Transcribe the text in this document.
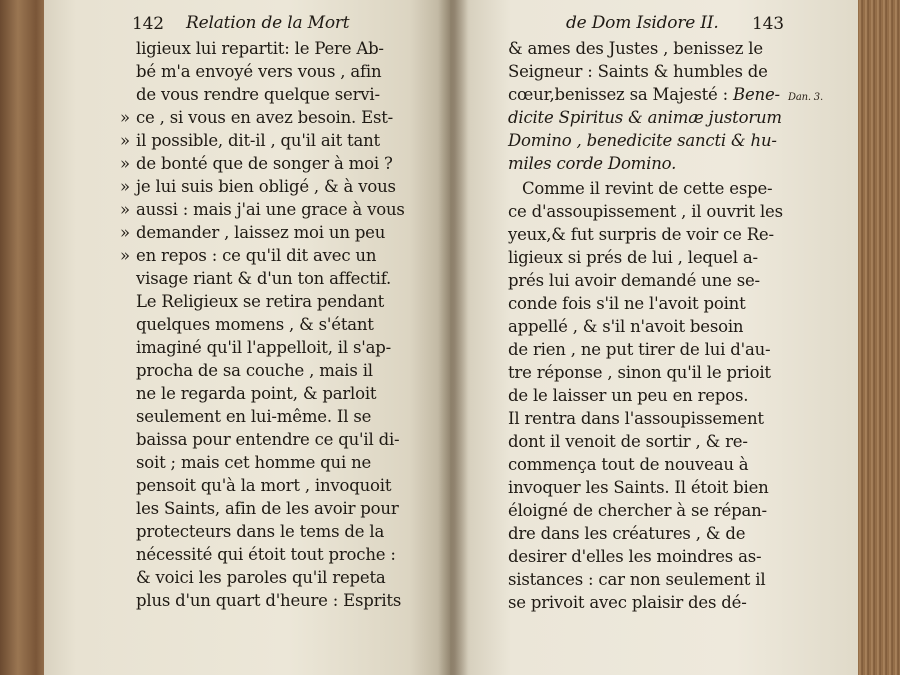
142 Relation de la Mort
ligieux lui repartit: le Pere Ab-
bé m'a envoyé vers vous , afin
de vous rendre quelque servi-
» ce , si vous en avez besoin. Est-
» il possible, dit-il , qu'il ait tant
» de bonté que de songer à moi ?
» je lui suis bien obligé , & à vous
» aussi : mais j'ai une grace à vous
» demander , laissez moi un peu
» en repos : ce qu'il dit avec un
visage riant & d'un ton affectif.
Le Religieux se retira pendant
quelques momens , & s'étant
imaginé qu'il l'appelloit, il s'ap-
procha de sa couche , mais il
ne le regarda point, & parloit
seulement en lui-même. Il se
baissa pour entendre ce qu'il di-
soit ; mais cet homme qui ne
pensoit qu'à la mort , invoquoit
les Saints, afin de les avoir pour
protecteurs dans le tems de la
nécessité qui étoit tout proche :
& voici les paroles qu'il repeta
plus d'un quart d'heure : Esprits
de Dom Isidore II. 143
& ames des Justes , benissez le
Seigneur : Saints & humbles de
cœur,benissez sa Majesté : Bene- Dan. 3.
dicite Spiritus & animæ justorum
Domino , benedicite sancti & hu-
miles corde Domino.
Comme il revint de cette espe-
ce d'assoupissement , il ouvrit les
yeux,& fut surpris de voir ce Re-
ligieux si prés de lui , lequel a-
prés lui avoir demandé une se-
conde fois s'il ne l'avoit point
appellé , & s'il n'avoit besoin
de rien , ne put tirer de lui d'au-
tre réponse , sinon qu'il le prioit
de le laisser un peu en repos.
Il rentra dans l'assoupissement
dont il venoit de sortir , & re-
commença tout de nouveau à
invoquer les Saints. Il étoit bien
éloigné de chercher à se répan-
dre dans les créatures , & de
desirer d'elles les moindres as-
sistances : car non seulement il
se privoit avec plaisir des dé-
